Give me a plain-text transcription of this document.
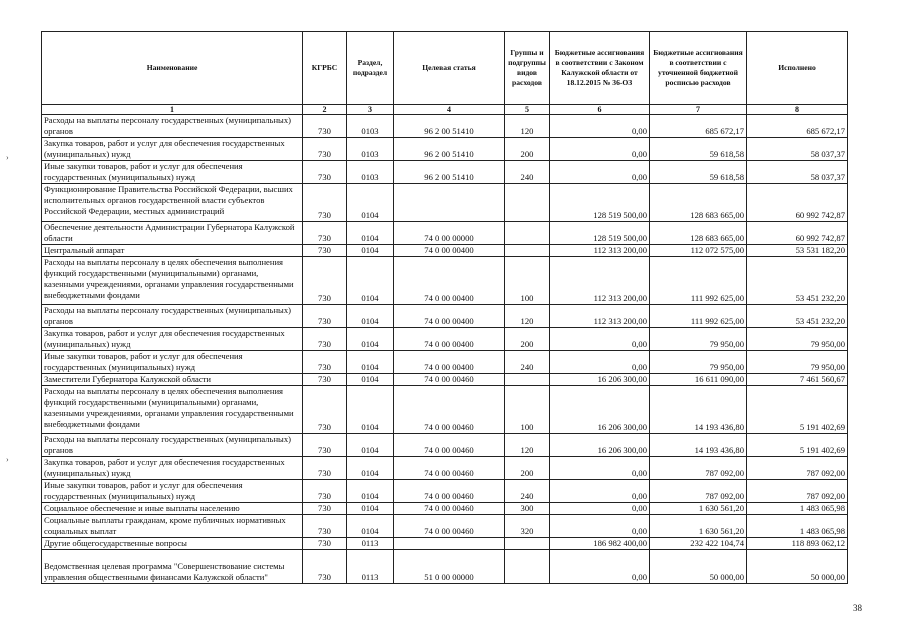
Наименование	КГРБС	Раздел, подраздел	Целевая статья	Группы и подгруппы видов расходов	Бюджетные ассигнования в соответствии с Законом Калужской области от 18.12.2015 № 36-ОЗ	Бюджетные ассигнования в соответствии с уточненной бюджетной росписью расходов	Исполнено
1	2	3	4	5	6	7	8
Расходы на выплаты персоналу государственных (муниципальных) органов	730	0103	96 2 00 51410	120	0,00	685 672,17	685 672,17
Закупка товаров, работ и услуг для обеспечения государственных (муниципальных) нужд	730	0103	96 2 00 51410	200	0,00	59 618,58	58 037,37
Иные закупки товаров, работ и услуг для обеспечения государственных (муниципальных) нужд	730	0103	96 2 00 51410	240	0,00	59 618,58	58 037,37
Функционирование Правительства Российской Федерации, высших исполнительных органов государственной власти субъектов Российской Федерации, местных администраций	730	0104			128 519 500,00	128 683 665,00	60 992 742,87
Обеспечение деятельности Администрации Губернатора Калужской области	730	0104	74 0 00 00000		128 519 500,00	128 683 665,00	60 992 742,87
Центральный аппарат	730	0104	74 0 00 00400		112 313 200,00	112 072 575,00	53 531 182,20
Расходы на выплаты персоналу в целях обеспечения выполнения функций государственными (муниципальными) органами, казенными учреждениями, органами управления государственными внебюджетными фондами	730	0104	74 0 00 00400	100	112 313 200,00	111 992 625,00	53 451 232,20
Расходы на выплаты персоналу государственных (муниципальных) органов	730	0104	74 0 00 00400	120	112 313 200,00	111 992 625,00	53 451 232,20
Закупка товаров, работ и услуг для обеспечения государственных (муниципальных) нужд	730	0104	74 0 00 00400	200	0,00	79 950,00	79 950,00
Иные закупки товаров, работ и услуг для обеспечения государственных (муниципальных) нужд	730	0104	74 0 00 00400	240	0,00	79 950,00	79 950,00
Заместители Губернатора Калужской области	730	0104	74 0 00 00460		16 206 300,00	16 611 090,00	7 461 560,67
Расходы на выплаты персоналу в целях обеспечения выполнения функций государственными (муниципальными) органами, казенными учреждениями, органами управления государственными внебюджетными фондами	730	0104	74 0 00 00460	100	16 206 300,00	14 193 436,80	5 191 402,69
Расходы на выплаты персоналу государственных (муниципальных) органов	730	0104	74 0 00 00460	120	16 206 300,00	14 193 436,80	5 191 402,69
Закупка товаров, работ и услуг для обеспечения государственных (муниципальных) нужд	730	0104	74 0 00 00460	200	0,00	787 092,00	787 092,00
Иные закупки товаров, работ и услуг для обеспечения государственных (муниципальных) нужд	730	0104	74 0 00 00460	240	0,00	787 092,00	787 092,00
Социальное обеспечение и иные выплаты населению	730	0104	74 0 00 00460	300	0,00	1 630 561,20	1 483 065,98
Социальные выплаты гражданам, кроме публичных нормативных социальных выплат	730	0104	74 0 00 00460	320	0,00	1 630 561,20	1 483 065,98
Другие общегосударственные вопросы	730	0113			186 982 400,00	232 422 104,74	118 893 062,12
Ведомственная целевая программа "Совершенствование системы управления общественными финансами Калужской области"	730	0113	51 0 00 00000		0,00	50 000,00	50 000,00
›
›
38
